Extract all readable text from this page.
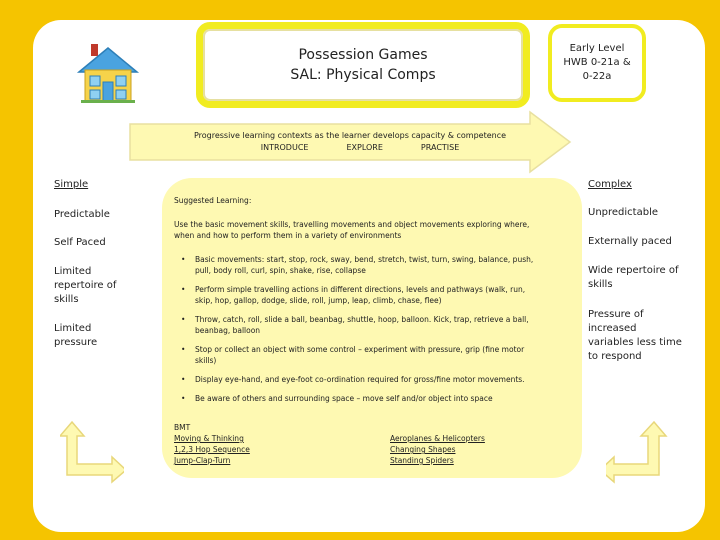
Possession Games
SAL: Physical Comps
Early Level
HWB 0-21a &
0-22a
Progressive learning contexts as the learner develops capacity & competence
INTRODUCE	EXPLORE	PRACTISE
Simple
Predictable
Self Paced
Limited repertoire of skills
Limited pressure

Suggested Learning:

Use the basic movement skills, travelling movements and object movements exploring where, when and how to perform them in a variety of environments

• Basic movements: start, stop, rock, sway, bend, stretch, twist, turn, swing, balance, push, pull, body roll, curl, spin, shake, rise, collapse
• Perform simple travelling actions in different directions, levels and pathways (walk, run, skip, hop, gallop, dodge, slide, roll, jump, leap, climb, chase, flee)
• Throw, catch, roll, slide a ball, beanbag, shuttle, hoop, balloon. Kick, trap, retrieve a ball, beanbag, balloon
• Stop or collect an object with some control – experiment with pressure, grip (fine motor skills)
• Display eye-hand, and eye-foot co-ordination required for gross/fine motor movements.
• Be aware of others and surrounding space – move self and/or object into space
BMT
Moving & Thinking
1,2,3 Hop Sequence
Jump-Clap-Turn
Aeroplanes & Helicopters
Changing Shapes
Standing Spiders
Complex
Unpredictable
Externally paced
Wide repertoire of skills
Pressure of increased variables less time to respond
